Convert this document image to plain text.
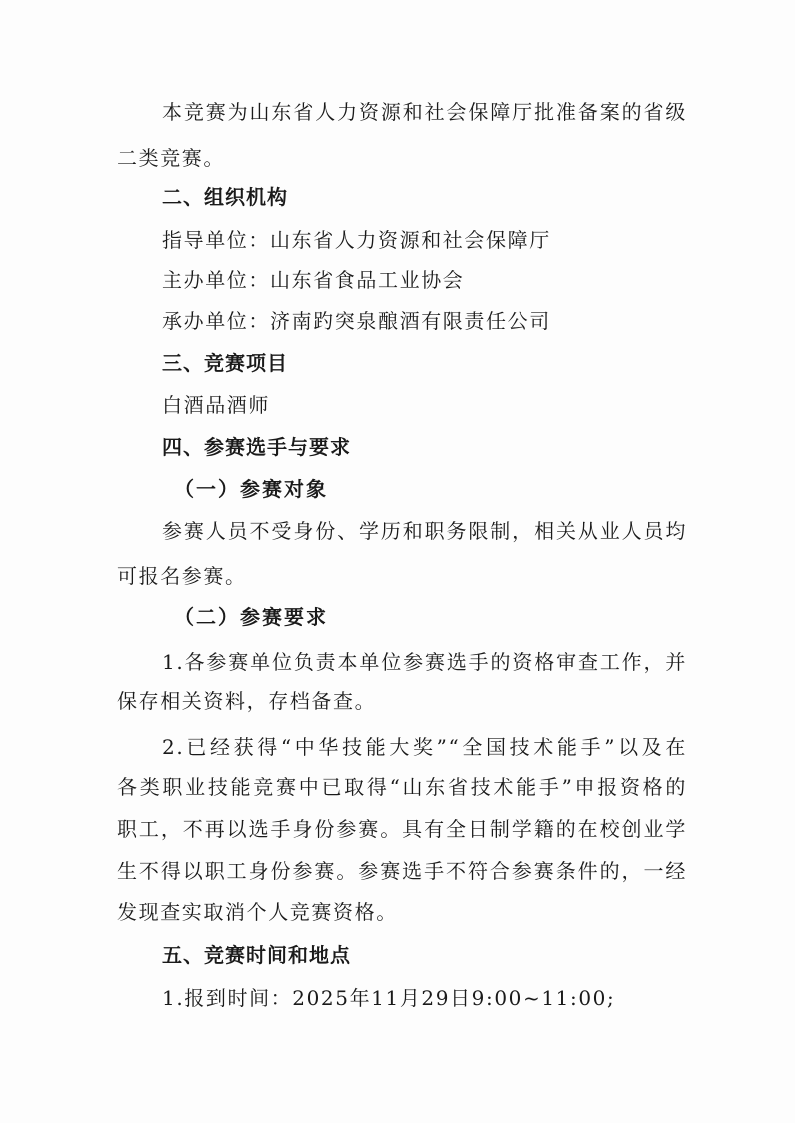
本竞赛为山东省人力资源和社会保障厅批准备案的省级
二类竞赛。
二、组织机构
指导单位：山东省人力资源和社会保障厅
主办单位：山东省食品工业协会
承办单位：济南趵突泉酿酒有限责任公司
三、竞赛项目
白酒品酒师
四、参赛选手与要求
（一）参赛对象
参赛人员不受身份、学历和职务限制，相关从业人员均
可报名参赛。
（二）参赛要求
1.各参赛单位负责本单位参赛选手的资格审查工作，并
保存相关资料，存档备查。
2.已经获得“中华技能大奖”“全国技术能手”以及在
各类职业技能竞赛中已取得“山东省技术能手”申报资格的
职工，不再以选手身份参赛。具有全日制学籍的在校创业学
生不得以职工身份参赛。参赛选手不符合参赛条件的，一经
发现查实取消个人竞赛资格。
五、竞赛时间和地点
1.报到时间：2025年11月29日9:00~11:00;
